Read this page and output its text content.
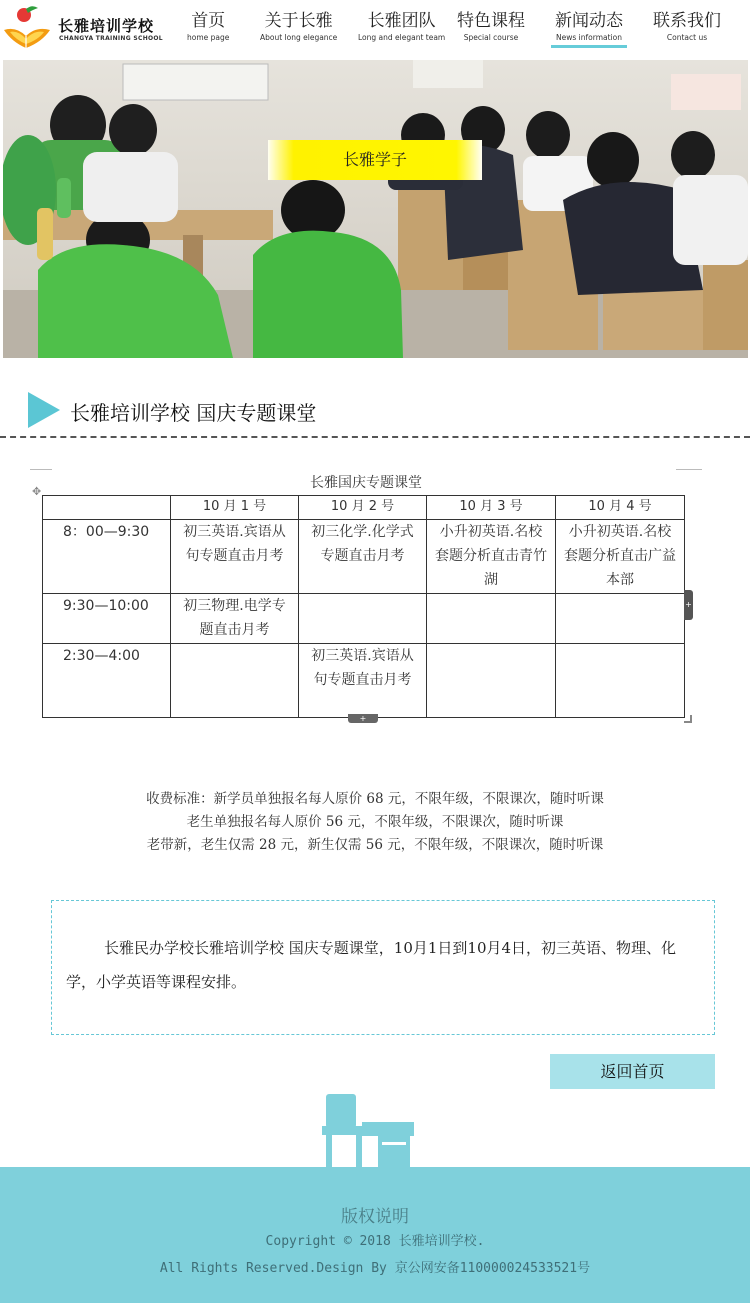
长雅培训学校
CHANGYA TRAINING SCHOOL
首页
home page
关于长雅
About long elegance
长雅团队
Long and elegant team
特色课程
Special course
新闻动态
News information
联系我们
Contact us
长雅学子
长雅培训学校 国庆专题课堂
✥
长雅国庆专题课堂
	10 月 1 号	10 月 2 号	10 月 3 号	10 月 4 号
8：00—9:30	初三英语.宾语从句专题直击月考	初三化学.化学式专题直击月考	小升初英语.名校套题分析直击青竹湖	小升初英语.名校套题分析直击广益本部
9:30—10:00	初三物理.电学专题直击月考			
2:30—4:00		初三英语.宾语从句专题直击月考		
+
+
收费标准：新学员单独报名每人原价 68 元，不限年级，不限课次，随时听课
老生单独报名每人原价 56 元，不限年级，不限课次，随时听课
老带新，老生仅需 28 元，新生仅需 56 元，不限年级，不限课次，随时听课

长雅民办学校长雅培训学校 国庆专题课堂，10月1日到10月4日，初三英语、物理、化学，小学英语等课程安排。

返回首页
版权说明
Copyright © 2018 长雅培训学校.
All Rights Reserved.Design By 京公网安备110000024533521号
